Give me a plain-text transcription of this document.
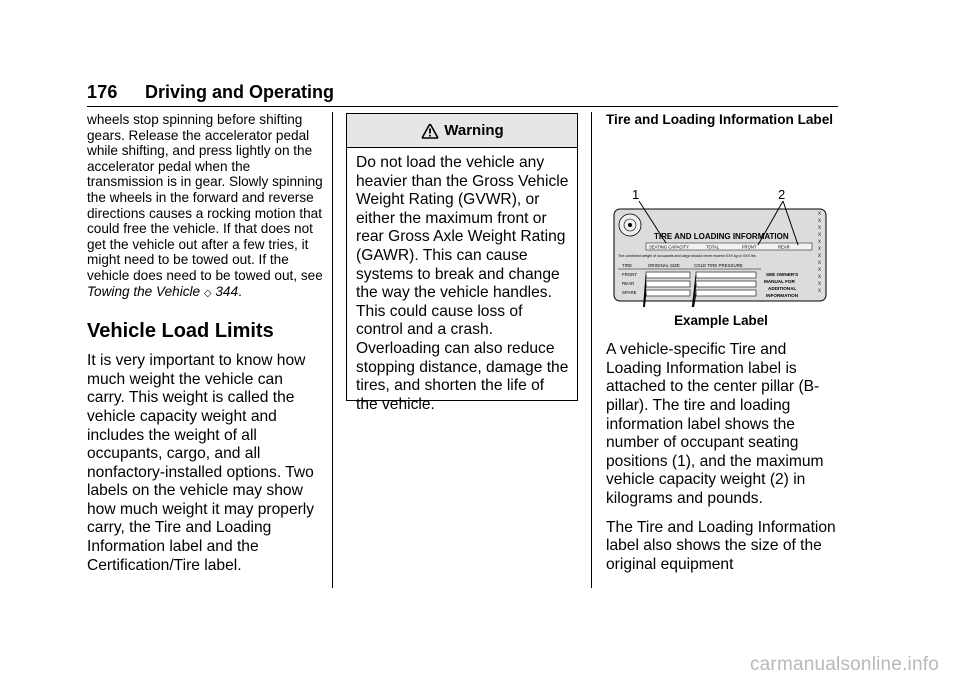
176 Driving and Operating

wheels stop spinning before shifting gears. Release the accelerator pedal while shifting, and press lightly on the accelerator pedal when the transmission is in gear. Slowly spinning the wheels in the forward and reverse directions causes a rocking motion that could free the vehicle. If that does not get the vehicle out after a few tries, it might need to be towed out. If the vehicle does need to be towed out, see Towing the Vehicle ◇ 344.

Vehicle Load Limits

It is very important to know how much weight the vehicle can carry. This weight is called the vehicle capacity weight and includes the weight of all occupants, cargo, and all nonfactory-installed options. Two labels on the vehicle may show how much weight it may properly carry, the Tire and Loading Information label and the Certification/Tire label.

Warning
Do not load the vehicle any heavier than the Gross Vehicle Weight Rating (GVWR), or either the maximum front or rear Gross Axle Weight Rating (GAWR). This can cause systems to break and change the way the vehicle handles. This could cause loss of control and a crash. Overloading can also reduce stopping distance, damage the tires, and shorten the life of the vehicle.

Tire and Loading Information Label

x
x
x
x
x
x
x
x
x
x
x
x
TIRE AND LOADING INFORMATION
SEATING CAPACITY	TOTAL	FRONT	REAR
The combined weight of occupants and cargo should never exceed XXX kg or XXX lbs.
TIRE	ORIGINAL SIZE	COLD TIRE PRESSURE
FRONT
REAR
SPARE
SEE OWNER'S MANUAL FOR ADDITIONAL INFORMATION
1	2
Example Label

A vehicle-specific Tire and Loading Information label is attached to the center pillar (B-pillar). The tire and loading information label shows the number of occupant seating positions (1), and the maximum vehicle capacity weight (2) in kilograms and pounds.

The Tire and Loading Information label also shows the size of the original equipment

carmanualsonline.info
